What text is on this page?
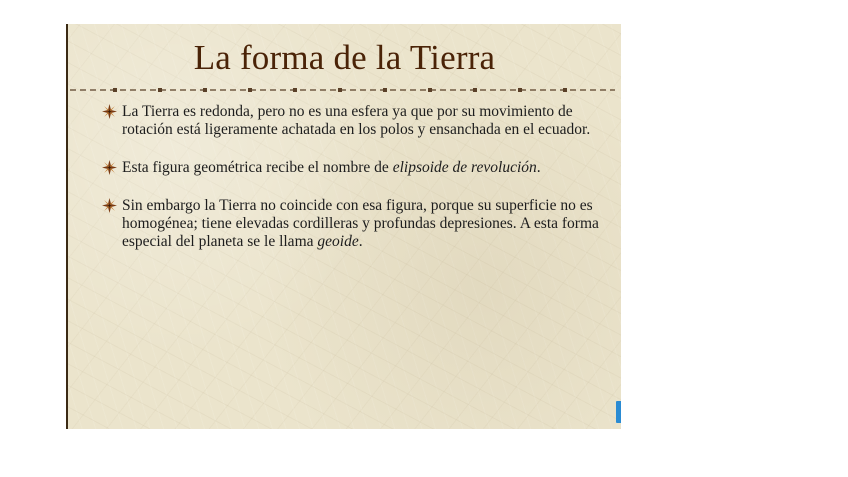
La forma de la Tierra
La Tierra es redonda, pero no es una esfera ya que por su movimiento de rotación está ligeramente achatada en los polos y ensanchada en el ecuador.
Esta figura geométrica recibe el nombre de elipsoide de revolución.
Sin embargo la Tierra no coincide con esa figura, porque su superficie no es homogénea; tiene elevadas cordilleras y profundas depresiones. A esta forma especial del planeta se le llama geoide.
